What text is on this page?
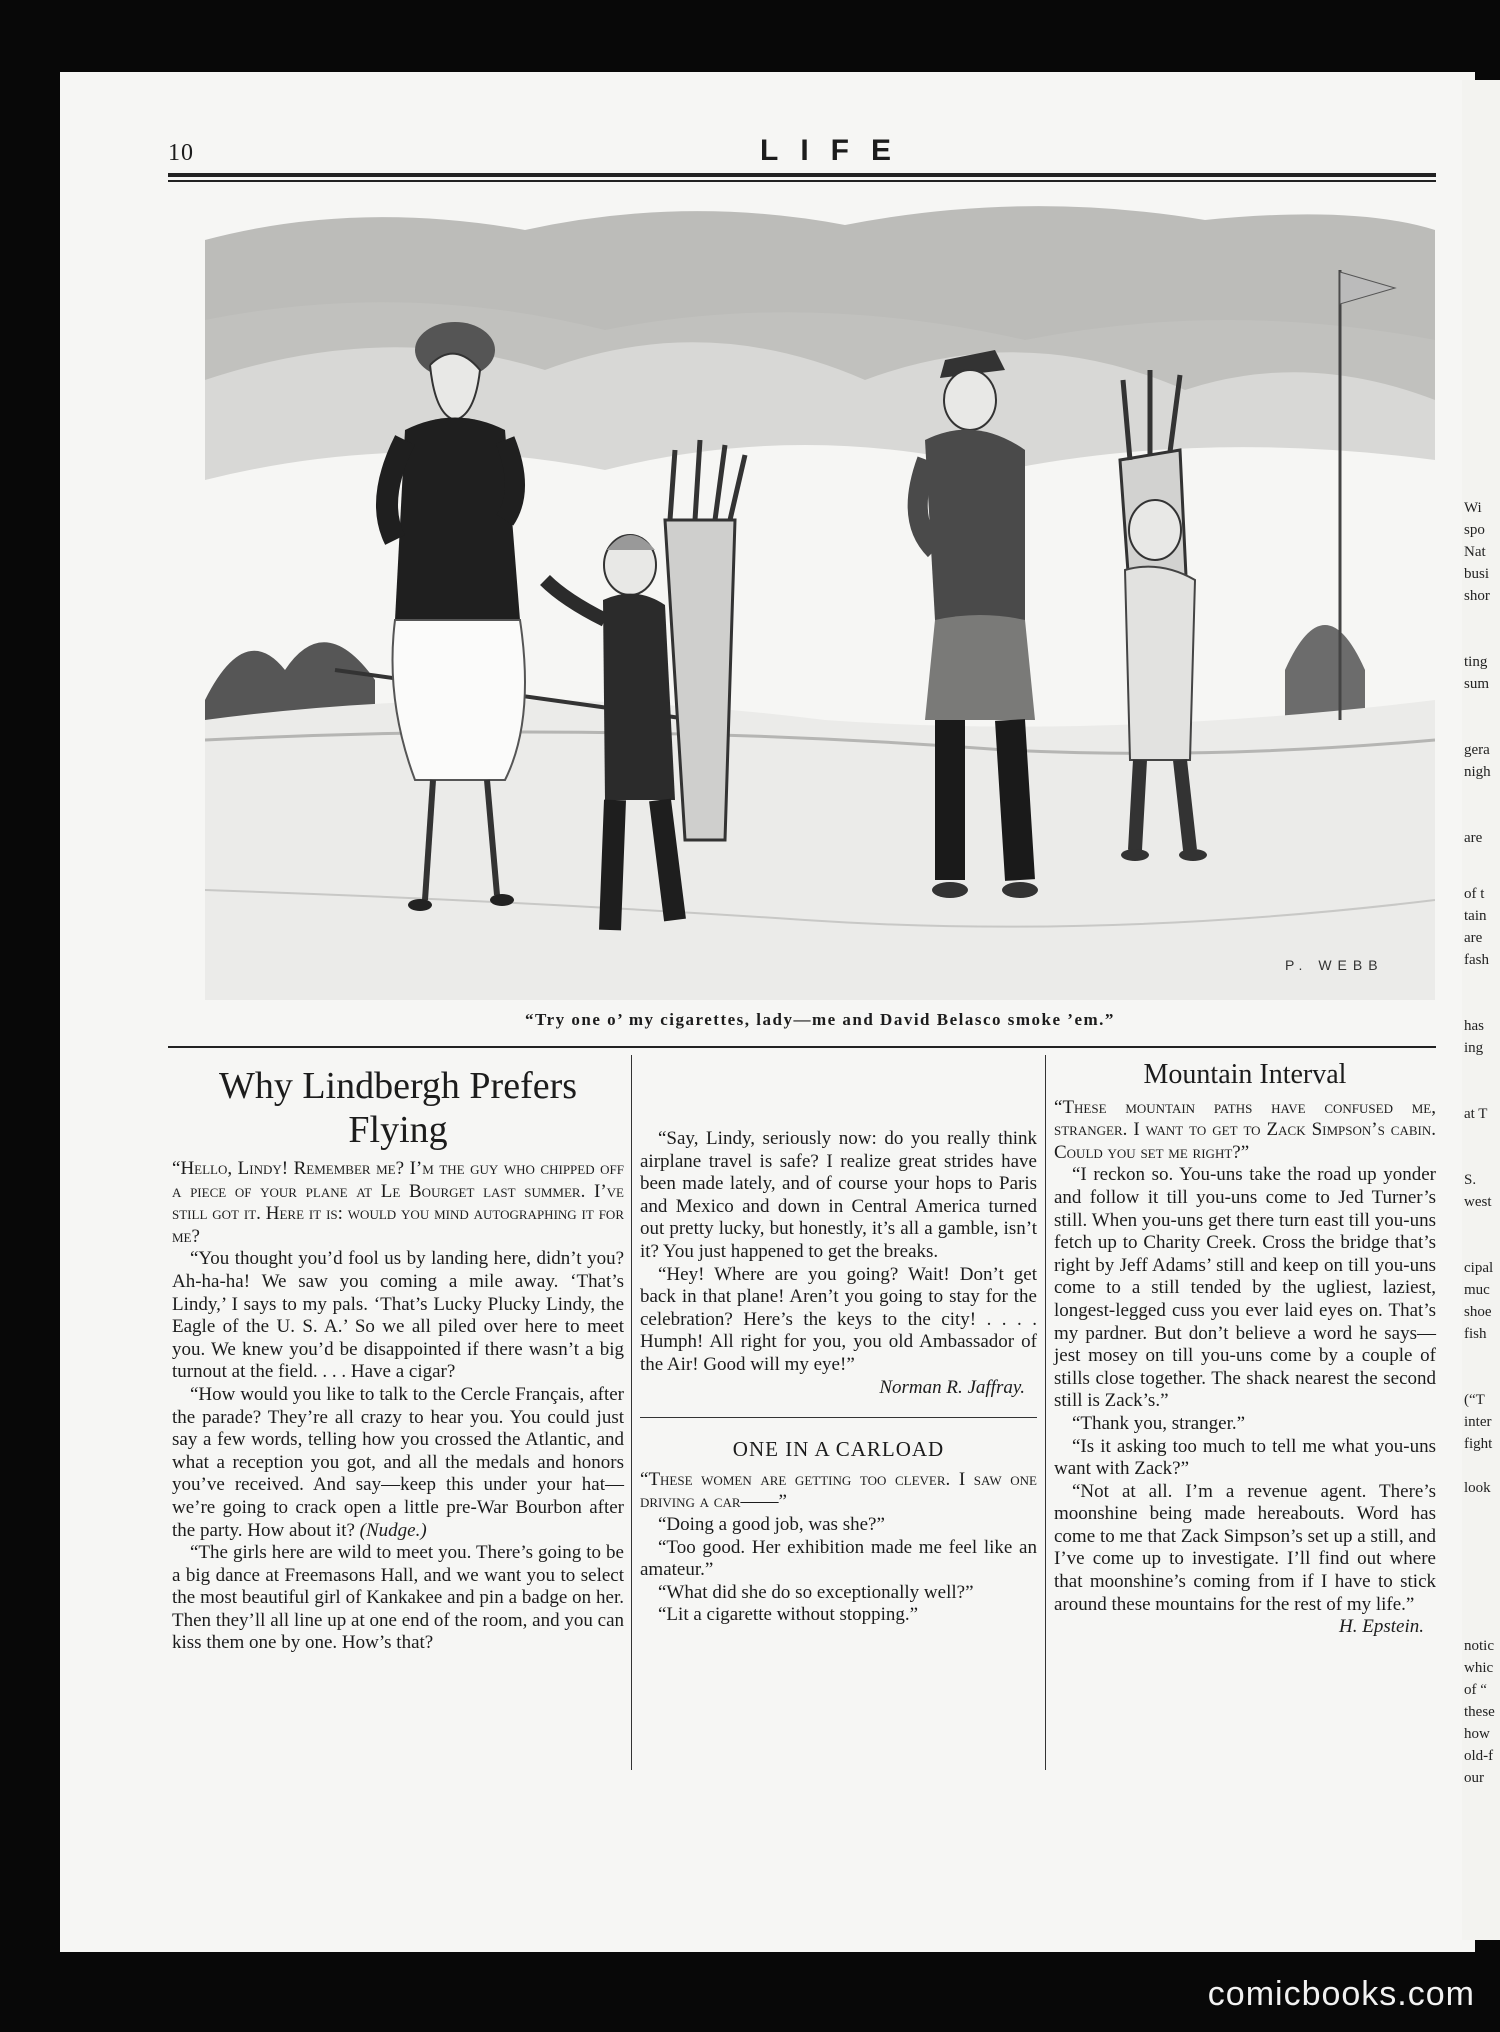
Wi
spo
Nat
busi
shor
ting
sum
gera
nigh
are
of t
tain
are
fash
has
ing
at T
S.
west
cipal
muc
shoe
fish
(“T
inter
fight
look
notic
whic
of “
these
how
old-f
our
10	LIFE
P. WEBB
“Try one o’ my cigarettes, lady—me and David Belasco smoke ’em.”
Why Lindbergh Prefers Flying

“Hello, Lindy! Remember me? I’m the guy who chipped off a piece of your plane at Le Bourget last summer. I’ve still got it. Here it is: would you mind autographing it for me?

“You thought you’d fool us by landing here, didn’t you? Ah-ha-ha! We saw you coming a mile away. ‘That’s Lindy,’ I says to my pals. ‘That’s Lucky Plucky Lindy, the Eagle of the U. S. A.’ So we all piled over here to meet you. We knew you’d be disappointed if there wasn’t a big turnout at the field. . . . Have a cigar?

“How would you like to talk to the Cercle Français, after the parade? They’re all crazy to hear you. You could just say a few words, telling how you crossed the Atlantic, and what a reception you got, and all the medals and honors you’ve received. And say—keep this under your hat—we’re going to crack open a little pre-War Bourbon after the party. How about it? (Nudge.)

“The girls here are wild to meet you. There’s going to be a big dance at Freemasons Hall, and we want you to select the most beautiful girl of Kankakee and pin a badge on her. Then they’ll all line up at one end of the room, and you can kiss them one by one. How’s that?

“Say, Lindy, seriously now: do you really think airplane travel is safe? I realize great strides have been made lately, and of course your hops to Paris and Mexico and down in Central America turned out pretty lucky, but honestly, it’s all a gamble, isn’t it? You just happened to get the breaks.

“Hey! Where are you going? Wait! Don’t get back in that plane! Aren’t you going to stay for the celebration? Here’s the keys to the city! . . . . Humph! All right for you, you old Ambassador of the Air! Good will my eye!”

Norman R. Jaffray.

ONE IN A CARLOAD

“These women are getting too clever. I saw one driving a car——”

“Doing a good job, was she?”

“Too good. Her exhibition made me feel like an amateur.”

“What did she do so exceptionally well?”

“Lit a cigarette without stopping.”

Mountain Interval

“These mountain paths have confused me, stranger. I want to get to Zack Simpson’s cabin. Could you set me right?”

“I reckon so. You-uns take the road up yonder and follow it till you-uns come to Jed Turner’s still. When you-uns get there turn east till you-uns fetch up to Charity Creek. Cross the bridge that’s right by Jeff Adams’ still and keep on till you-uns come to a still tended by the ugliest, laziest, longest-legged cuss you ever laid eyes on. That’s my pardner. But don’t believe a word he says—jest mosey on till you-uns come by a couple of stills close together. The shack nearest the second still is Zack’s.”

“Thank you, stranger.”

“Is it asking too much to tell me what you-uns want with Zack?”

“Not at all. I’m a revenue agent. There’s moonshine being made hereabouts. Word has come to me that Zack Simpson’s set up a still, and I’ve come up to investigate. I’ll find out where that moonshine’s coming from if I have to stick around these mountains for the rest of my life.”
H. Epstein.

comicbooks.com
